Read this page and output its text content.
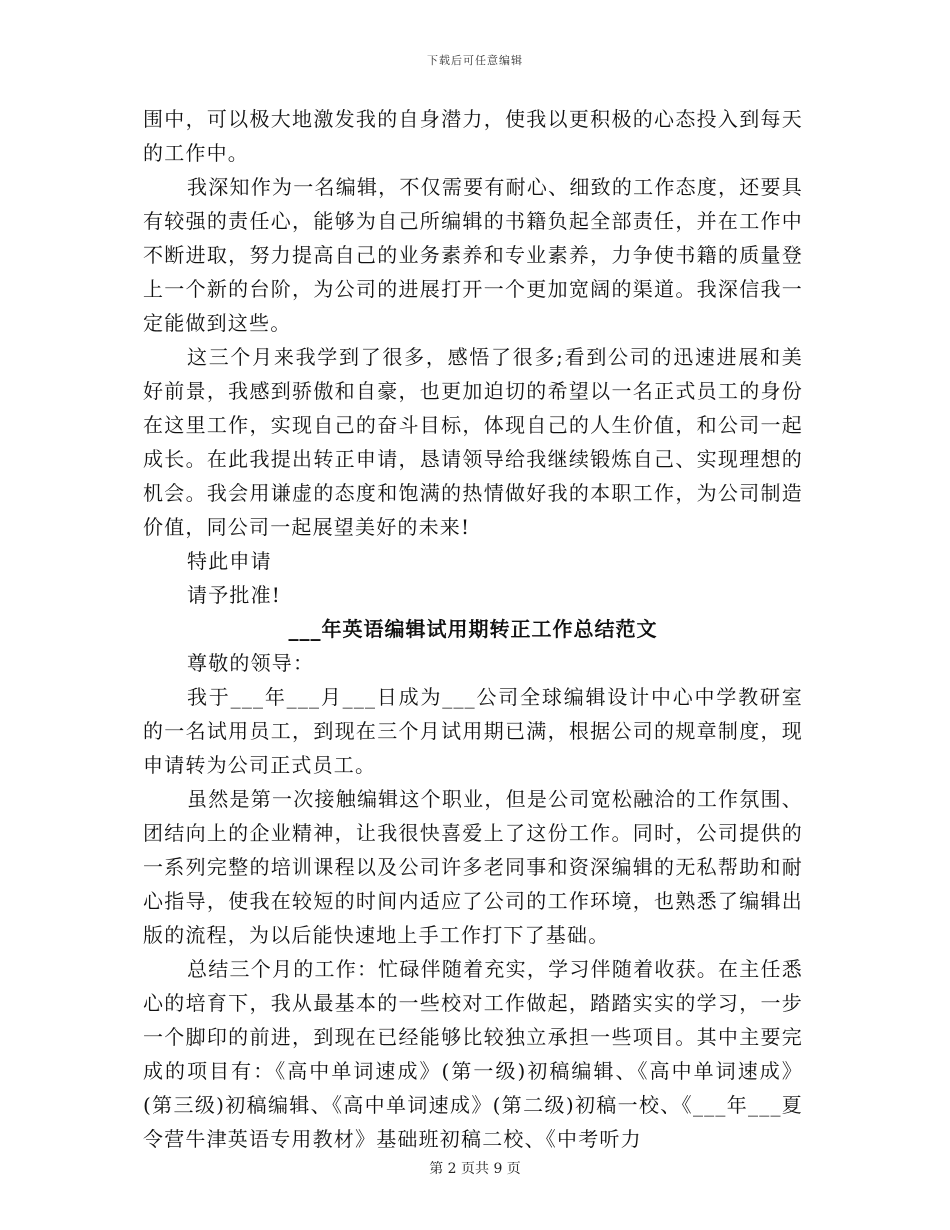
下载后可任意编辑

围中，可以极大地激发我的自身潜力，使我以更积极的心态投入到每天的工作中。

我深知作为一名编辑，不仅需要有耐心、细致的工作态度，还要具有较强的责任心，能够为自己所编辑的书籍负起全部责任，并在工作中不断进取，努力提高自己的业务素养和专业素养，力争使书籍的质量登上一个新的台阶，为公司的进展打开一个更加宽阔的渠道。我深信我一定能做到这些。

这三个月来我学到了很多，感悟了很多;看到公司的迅速进展和美好前景，我感到骄傲和自豪，也更加迫切的希望以一名正式员工的身份在这里工作，实现自己的奋斗目标，体现自己的人生价值，和公司一起成长。在此我提出转正申请，恳请领导给我继续锻炼自己、实现理想的机会。我会用谦虚的态度和饱满的热情做好我的本职工作，为公司制造价值，同公司一起展望美好的未来!

特此申请

请予批准!

___年英语编辑试用期转正工作总结范文

尊敬的领导：

我于___年___月___日成为___公司全球编辑设计中心中学教研室的一名试用员工，到现在三个月试用期已满，根据公司的规章制度，现申请转为公司正式员工。

虽然是第一次接触编辑这个职业，但是公司宽松融洽的工作氛围、团结向上的企业精神，让我很快喜爱上了这份工作。同时，公司提供的一系列完整的培训课程以及公司许多老同事和资深编辑的无私帮助和耐心指导，使我在较短的时间内适应了公司的工作环境，也熟悉了编辑出版的流程，为以后能快速地上手工作打下了基础。

总结三个月的工作：忙碌伴随着充实，学习伴随着收获。在主任悉心的培育下，我从最基本的一些校对工作做起，踏踏实实的学习，一步一个脚印的前进，到现在已经能够比较独立承担一些项目。其中主要完成的项目有：《高中单词速成》(第一级)初稿编辑、《高中单词速成》(第三级)初稿编辑、《高中单词速成》(第二级)初稿一校、《___年___夏令营牛津英语专用教材》基础班初稿二校、《中考听力

第 2 页共 9 页
